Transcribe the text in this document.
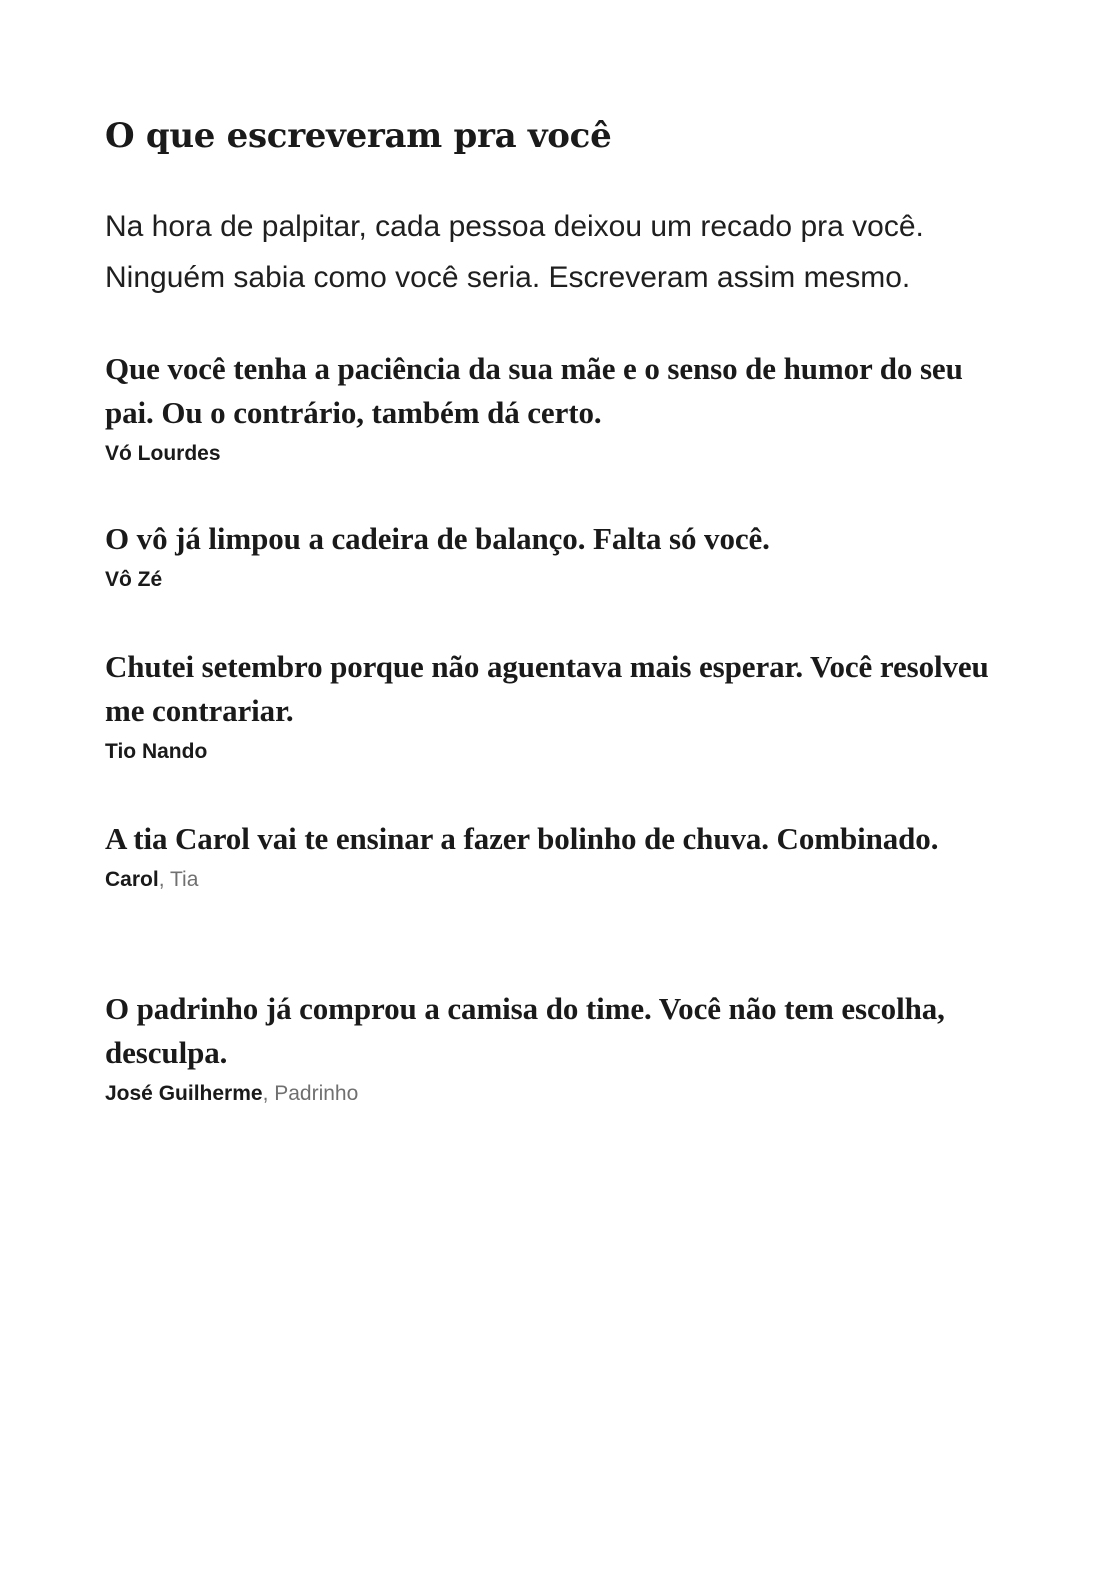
O que escreveram pra você

Na hora de palpitar, cada pessoa deixou um recado pra você.

Ninguém sabia como você seria. Escreveram assim mesmo.

Que você tenha a paciência da sua mãe e o senso de humor do seu pai. Ou o contrário, também dá certo.

Vó Lourdes

O vô já limpou a cadeira de balanço. Falta só você.

Vô Zé

Chutei setembro porque não aguentava mais esperar. Você resolveu me contrariar.

Tio Nando

A tia Carol vai te ensinar a fazer bolinho de chuva. Combinado.

Carol, Tia

O padrinho já comprou a camisa do time. Você não tem escolha, desculpa.

José Guilherme, Padrinho
